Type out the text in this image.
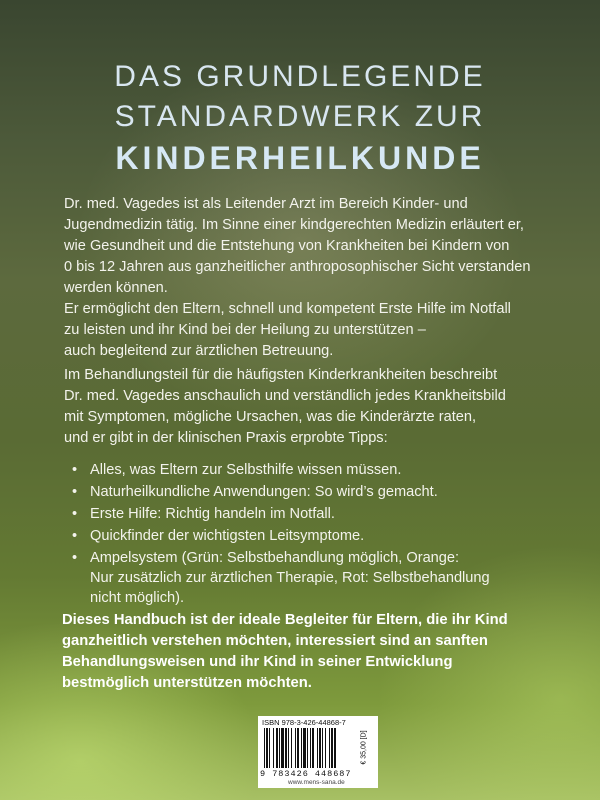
DAS GRUNDLEGENDE
STANDARDWERK ZUR
KINDERHEILKUNDE
Dr. med. Vagedes ist als Leitender Arzt im Bereich Kinder- und
Jugendmedizin tätig. Im Sinne einer kindgerechten Medizin erläutert er,
wie Gesundheit und die Entstehung von Krankheiten bei Kindern von
0 bis 12 Jahren aus ganzheitlicher anthroposophischer Sicht verstanden
werden können.
Er ermöglicht den Eltern, schnell und kompetent Erste Hilfe im Notfall
zu leisten und ihr Kind bei der Heilung zu unterstützen –
auch begleitend zur ärztlichen Betreuung.
Im Behandlungsteil für die häufigsten Kinderkrankheiten beschreibt
Dr. med. Vagedes anschaulich und verständlich jedes Krankheitsbild
mit Symptomen, mögliche Ursachen, was die Kinderärzte raten,
und er gibt in der klinischen Praxis erprobte Tipps:
• Alles, was Eltern zur Selbsthilfe wissen müssen.
• Naturheilkundliche Anwendungen: So wird’s gemacht.
• Erste Hilfe: Richtig handeln im Notfall.
• Quickfinder der wichtigsten Leitsymptome.
• Ampelsystem (Grün: Selbstbehandlung möglich, Orange:
Nur zusätzlich zur ärztlichen Therapie, Rot: Selbstbehandlung
nicht möglich).
Dieses Handbuch ist der ideale Begleiter für Eltern, die ihr Kind
ganzheitlich verstehen möchten, interessiert sind an sanften
Behandlungsweisen und ihr Kind in seiner Entwicklung
bestmöglich unterstützen möchten.
ISBN 978-3-426-44868-7
9 783426 448687
€ 35,00 [D]
www.mens-sana.de
